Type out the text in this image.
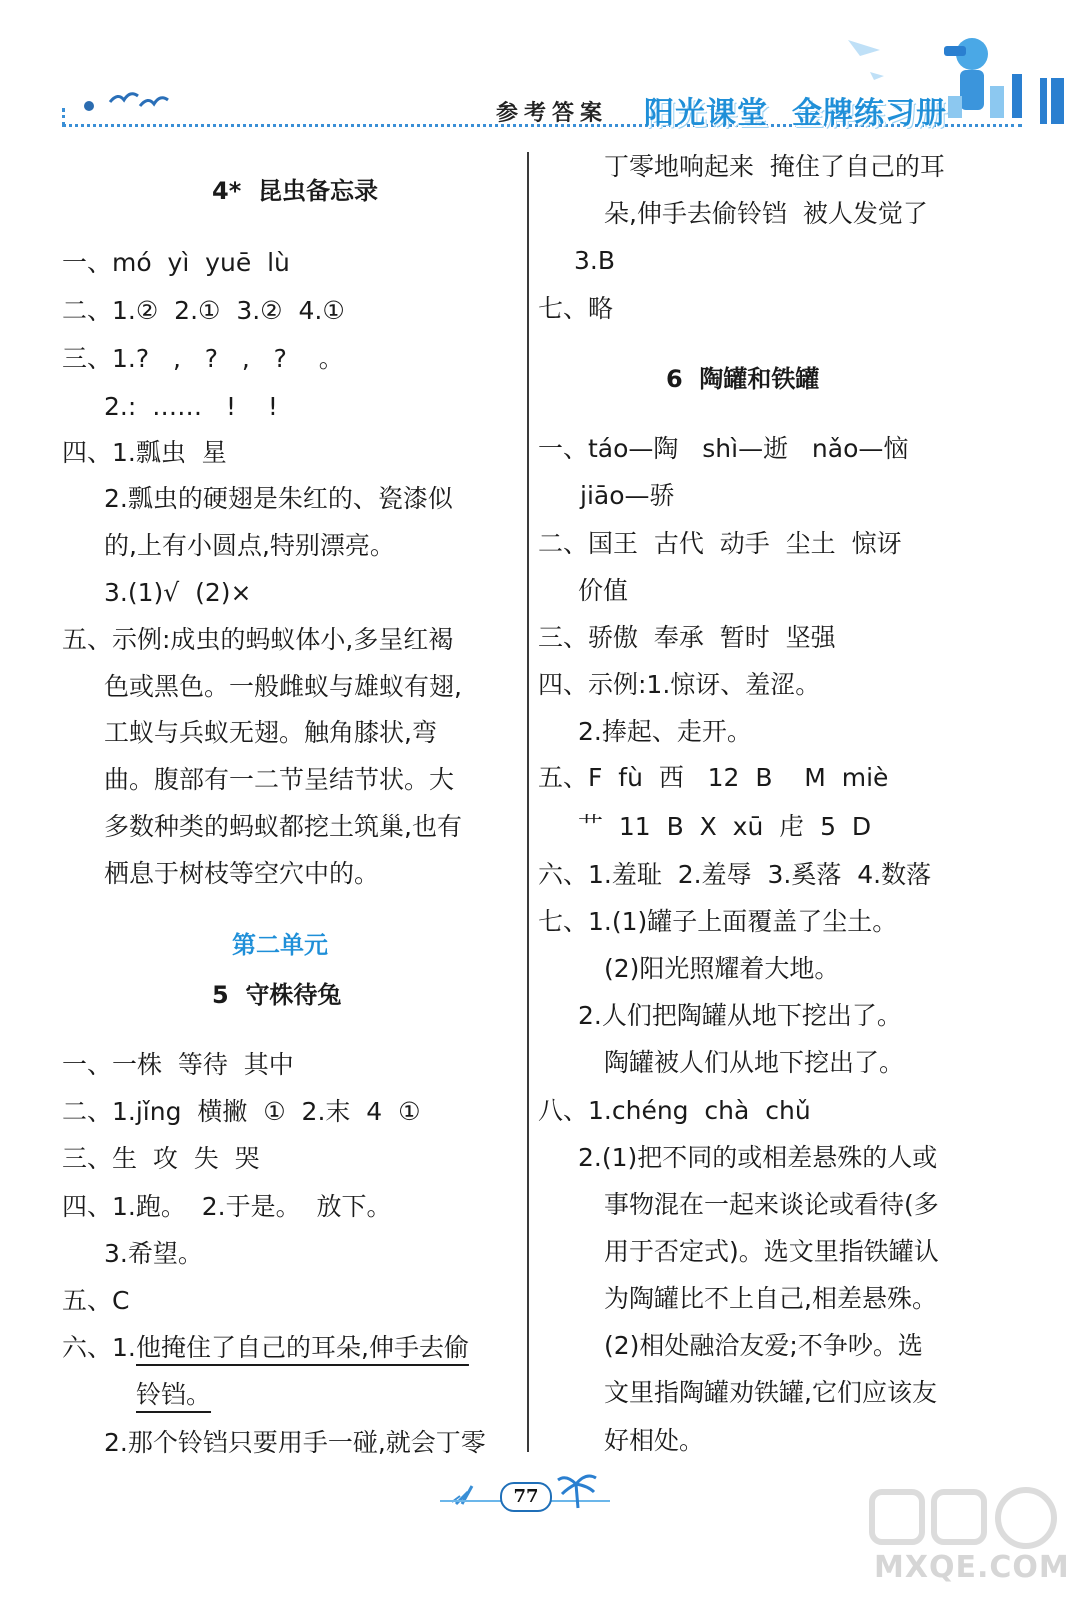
参考答案 阳光课堂 金牌练习册
4*  昆虫备忘录
一、mó  yì  yuē  lù
二、1.②  2.①  3.②  4.①
三、1.?   ,   ?   ,   ?    。
2.:  ……   !    !
四、1.瓢虫  星
2.瓢虫的硬翅是朱红的、瓷漆似
的,上有小圆点,特别漂亮。
3.(1)√  (2)×
五、示例:成虫的蚂蚁体小,多呈红褐
色或黑色。一般雌蚁与雄蚁有翅,
工蚁与兵蚁无翅。触角膝状,弯
曲。腹部有一二节呈结节状。大
多数种类的蚂蚁都挖土筑巢,也有
栖息于树枝等空穴中的。
第二单元
5  守株待兔
一、一株  等待  其中
二、1.jǐng  横撇  ①  2.末  4  ①
三、生  攻  失  哭
四、1.跑。  2.于是。  放下。
3.希望。
五、C
六、1. 他掩住了自己的耳朵,伸手去偷
铃铛。
2.那个铃铛只要用手一碰,就会丁零
丁零地响起来  掩住了自己的耳
朵,伸手去偷铃铛  被人发觉了
3.B
七、略
6  陶罐和铁罐
一、táo—陶   shì—逝   nǎo—恼
jiāo—骄
二、国王  古代  动手  尘土  惊讶
价值
三、骄傲  奉承  暂时  坚强
四、示例:1.惊讶、羞涩。
2.捧起、走开。
五、F  fù  西   12  B    M  miè
艹  11  B  X  xū  虍  5  D
六、1.羞耻  2.羞辱  3.奚落  4.数落
七、1.(1)罐子上面覆盖了尘土。
(2)阳光照耀着大地。
2.人们把陶罐从地下挖出了。
陶罐被人们从地下挖出了。
八、1.chéng  chà  chǔ
2.(1)把不同的或相差悬殊的人或
事物混在一起来谈论或看待(多
用于否定式)。选文里指铁罐认
为陶罐比不上自己,相差悬殊。
(2)相处融洽友爱;不争吵。选
文里指陶罐劝铁罐,它们应该友
好相处。
77
MXQE.COM
